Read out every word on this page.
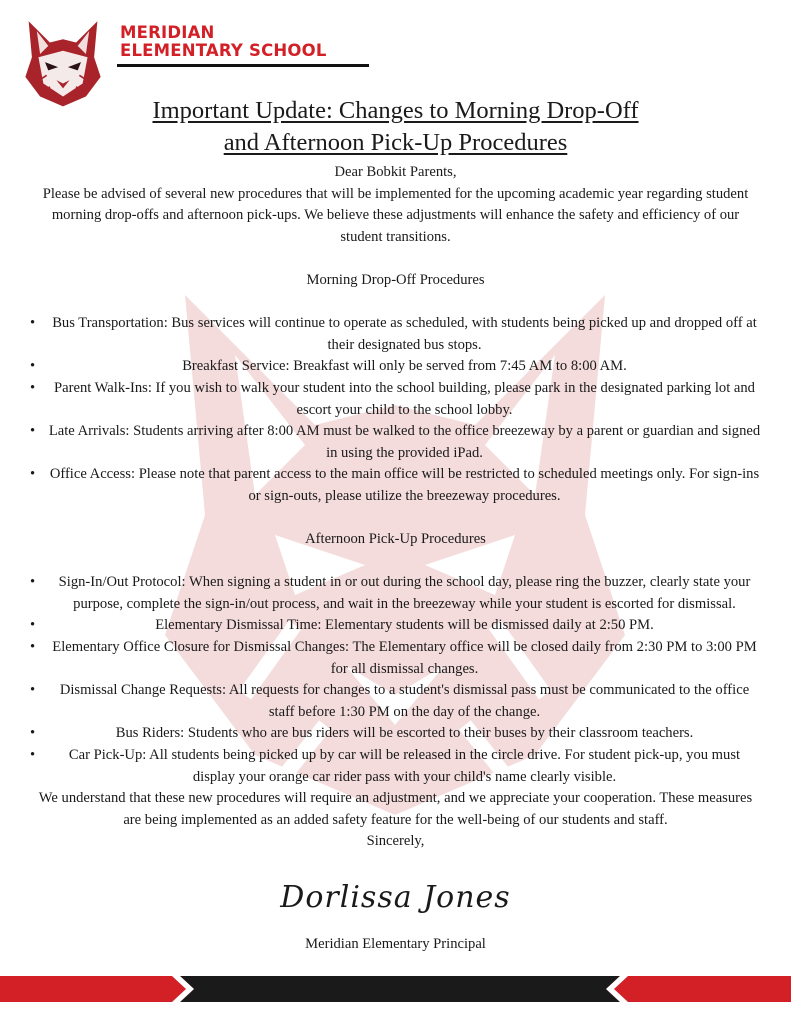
MERIDIAN
ELEMENTARY SCHOOL
Important Update: Changes to Morning Drop-Off
and Afternoon Pick-Up Procedures

Dear Bobkit Parents,

Please be advised of several new procedures that will be implemented for the upcoming academic year regarding student morning drop-offs and afternoon pick-ups. We believe these adjustments will enhance the safety and efficiency of our student transitions.

Morning Drop-Off Procedures

• Bus Transportation: Bus services will continue to operate as scheduled, with students being picked up and dropped off at their designated bus stops.
•	Breakfast Service: Breakfast will only be served from 7:45 AM to 8:00 AM.
• Parent Walk-Ins: If you wish to walk your student into the school building, please park in the designated parking lot and escort your child to the school lobby.
• Late Arrivals: Students arriving after 8:00 AM must be walked to the office breezeway by a parent or guardian and signed in using the provided iPad.
• Office Access: Please note that parent access to the main office will be restricted to scheduled meetings only. For sign-ins or sign-outs, please utilize the breezeway procedures.

Afternoon Pick-Up Procedures

• Sign-In/Out Protocol: When signing a student in or out during the school day, please ring the buzzer, clearly state your purpose, complete the sign-in/out process, and wait in the breezeway while your student is escorted for dismissal.
•	Elementary Dismissal Time: Elementary students will be dismissed daily at 2:50 PM.
• Elementary Office Closure for Dismissal Changes: The Elementary office will be closed daily from 2:30 PM to 3:00 PM for all dismissal changes.
• Dismissal Change Requests: All requests for changes to a student's dismissal pass must be communicated to the office staff before 1:30 PM on the day of the change.
•	Bus Riders: Students who are bus riders will be escorted to their buses by their classroom teachers.
• Car Pick-Up: All students being picked up by car will be released in the circle drive. For student pick-up, you must display your orange car rider pass with your child's name clearly visible.

We understand that these new procedures will require an adjustment, and we appreciate your cooperation. These measures are being implemented as an added safety feature for the well-being of our students and staff.

Sincerely,

Dorlissa Jones
Meridian Elementary Principal
